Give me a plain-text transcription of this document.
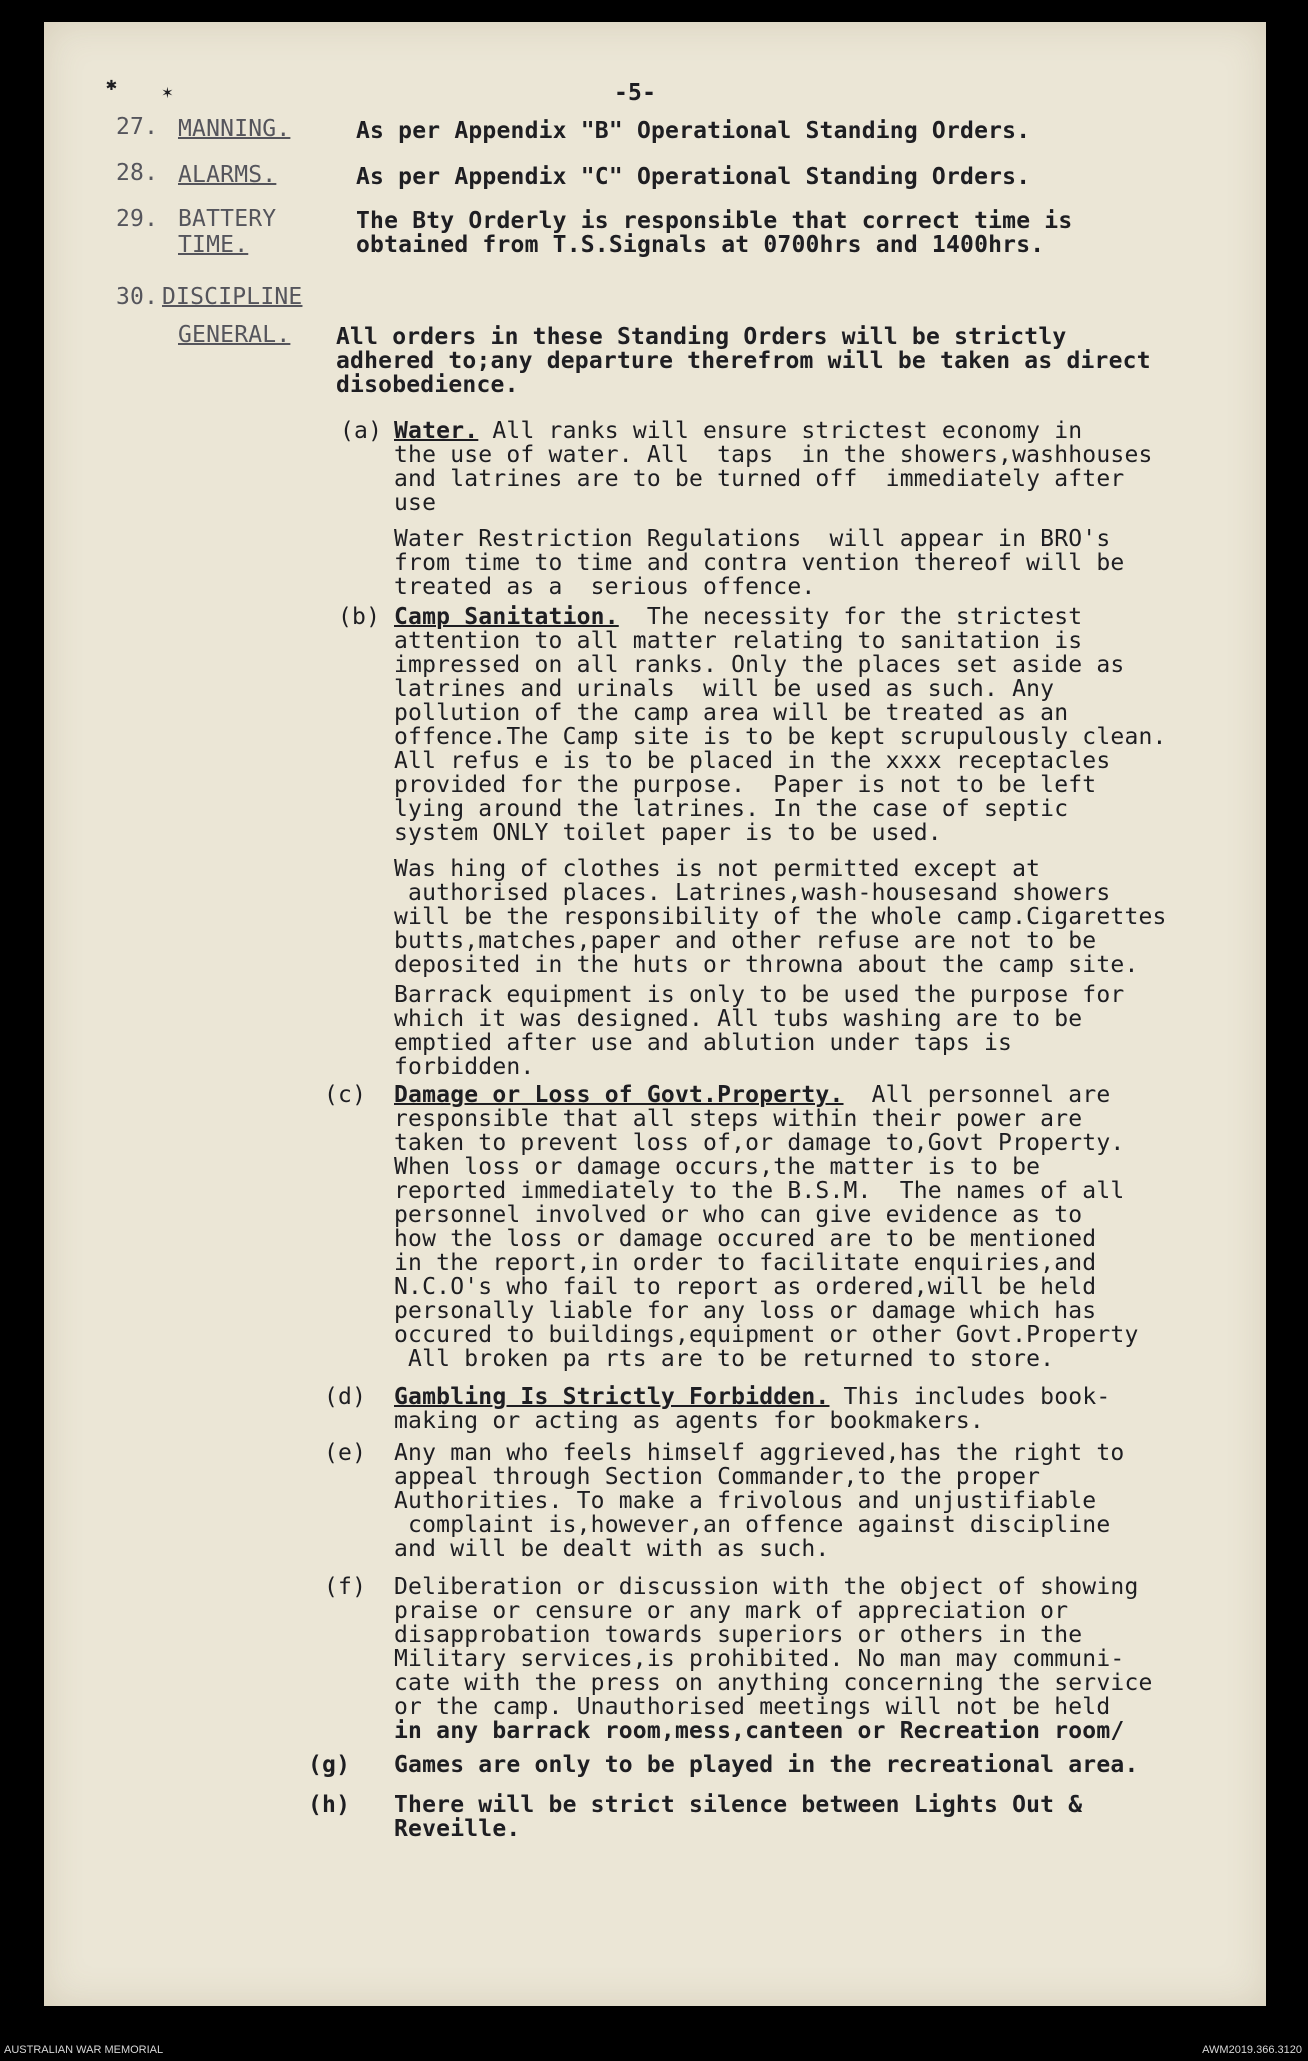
✱	✶	-5-
27. MANNING.	As per Appendix "B" Operational Standing Orders.
28. ALARMS.	As per Appendix "C" Operational Standing Orders.
29. BATTERY
TIME.
The Bty Orderly is responsible that correct time is
obtained from T.S.Signals at 0700hrs and 1400hrs.
30. DISCIPLINE
GENERAL. All orders in these Standing Orders will be strictly
adhered to;any departure therefrom will be taken as direct
disobedience.
(a) Water. All ranks will ensure strictest economy in
the use of water. All  taps  in the showers,washhouses
and latrines are to be turned off  immediately after
use
Water Restriction Regulations  will appear in BRO's
from time to time and contra vention thereof will be
treated as a  serious offence.
(b) Camp Sanitation.  The necessity for the strictest
attention to all matter relating to sanitation is
impressed on all ranks. Only the places set aside as
latrines and urinals  will be used as such. Any
pollution of the camp area will be treated as an
offence.The Camp site is to be kept scrupulously clean.
All refus e is to be placed in the xxxx receptacles
provided for the purpose.  Paper is not to be left
lying around the latrines. In the case of septic
system ONLY toilet paper is to be used.
Was hing of clothes is not permitted except at
authorised places. Latrines,wash-housesand showers
will be the responsibility of the whole camp.Cigarettes
butts,matches,paper and other refuse are not to be
deposited in the huts or throwna about the camp site.
Barrack equipment is only to be used the purpose for
which it was designed. All tubs washing are to be
emptied after use and ablution under taps is
forbidden.
(c) Damage or Loss of Govt.Property.  All personnel are
responsible that all steps within their power are
taken to prevent loss of,or damage to,Govt Property.
When loss or damage occurs,the matter is to be
reported immediately to the B.S.M.  The names of all
personnel involved or who can give evidence as to
how the loss or damage occured are to be mentioned
in the report,in order to facilitate enquiries,and
N.C.O's who fail to report as ordered,will be held
personally liable for any loss or damage which has
occured to buildings,equipment or other Govt.Property
All broken pa rts are to be returned to store.
(d) Gambling Is Strictly Forbidden. This includes book-
making or acting as agents for bookmakers.
(e) Any man who feels himself aggrieved,has the right to
appeal through Section Commander,to the proper
Authorities. To make a frivolous and unjustifiable
complaint is,however,an offence against discipline
and will be dealt with as such.
(f) Deliberation or discussion with the object of showing
praise or censure or any mark of appreciation or
disapprobation towards superiors or others in the
Military services,is prohibited. No man may communi-
cate with the press on anything concerning the service
or the camp. Unauthorised meetings will not be held
in any barrack room,mess,canteen or Recreation room/
(g) Games are only to be played in the recreational area.
(h) There will be strict silence between Lights Out &
Reveille.
AUSTRALIAN WAR MEMORIAL	AWM2019.366.3120
